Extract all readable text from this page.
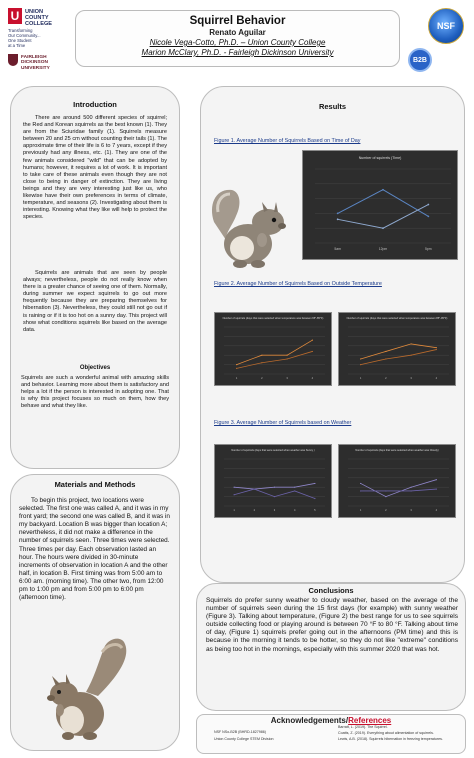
U	UNION
COUNTY
COLLEGE
Transforming
Our Community...
One Student
at a Time
FAIRLEIGH
DICKINSON
UNIVERSITY
Squirrel Behavior
Renato Aguilar
Nicole Vega-Cotto, Ph.D. – Union County College
Marion McClary, Ph.D. - Fairleigh Dickinson University
NSF
B2B
Introduction
There are around 500 different species of squirrel; the Red and Korean squirrels as the best known (1). They are from the Sciuridae family (1). Squirrels measure between 20 and 25 cm without counting their tails (1). The approximate time of their life is 6 to 7 years, except if they previously had any illness, etc. (1). They are one of the few animals considered "wild" that can be adopted by humans; however, it requires a lot of work. It is important to take care of these animals even though they are not close to being in danger of extinction. They are living beings and they are very interesting just like us, who likewise have their own preferences in terms of climate, temperature, and seasons (2). Investigating about them is interesting. Knowing what they like will help to protect the species.
Squirrels are animals that are seen by people always; nevertheless, people do not really know when there is a greater chance of seeing one of them. Normally, during summer we expect squirrels to go out more frequently because they are preparing themselves for hibernation (3). Nevertheless, they could still not go out if is raining or if it is too hot on a sunny day. This project will show what conditions squirrels like based on the average data.
Objectives
Squirrels are such a wonderful animal with amazing skills and behavior. Learning more about them is satisfactory and helps a lot if the person is interested in adopting one. That is why this project focuses so much on them, how they behave and what they like.
Materials and Methods
To begin this project, two locations were selected. The first one was called A, and it was in my front yard; the second one was called B, and it was in my backyard. Location B was bigger than location A; nevertheless, it did not make a difference in the number of squirrels seen. Three times were selected. Three times per day. Each observation lasted an hour. The hours were divided in 30-minute increments of observation in location A and the other half, in location B. First timing was from 5:00 am to 6:00 am. (morning time). The other two, from 12:00 pm to 1:00 pm and from 5:00 pm to 6:00 pm (afternoon time).
Results
Figure 1. Average Number of Squirrels Based on Time of Day
Figure 2. Average Number of Squirrels Based on Outside Temperature
Figure 3. Average Number of Squirrels based on Weather
Number of squirrels (Time)
5am	12pm	5pm
Number of squirrels (days that were selected when temperature was between 65°-85°F)
1	2	3	4
Number of squirrels (days that were selected when temperature was between 85°-95°F)
1	2	3	4
Number of squirrels (days that were selected when weather was Sunny )
1	2	3	4	5
Number of squirrels (days that were selected when weather was Cloudy)
1	2	3	4
Conclusions
Squirrels do prefer sunny weather to cloudy weather, based on the average of the number of squirrels seen during the 15 first days (for example) with sunny weather (Figure 3). Talking about temperature, (Figure 2) the best range for us to see squirrels outside collecting food or playing around is between 70 °F to 80 °F. Talking about time of day, (Figure 1) squirrels prefer going out in the afternoons (PM time) and this is because in the morning it tends to be hotter, so they do not like "extreme" conditions as being too hot in the mornings, especially with this summer 2020 that was hot.
Acknowledgements/References
NSF NSo-B2B (BHRD-1827986)
Union County College STEM Division
Barratt, L. (2019). The Squirrel.
Coatts, Z. (2019). Everything about alimentation of squirrels.
Lewis, A.B. (2018). Squirrels hibernation in freezing temperatures.
